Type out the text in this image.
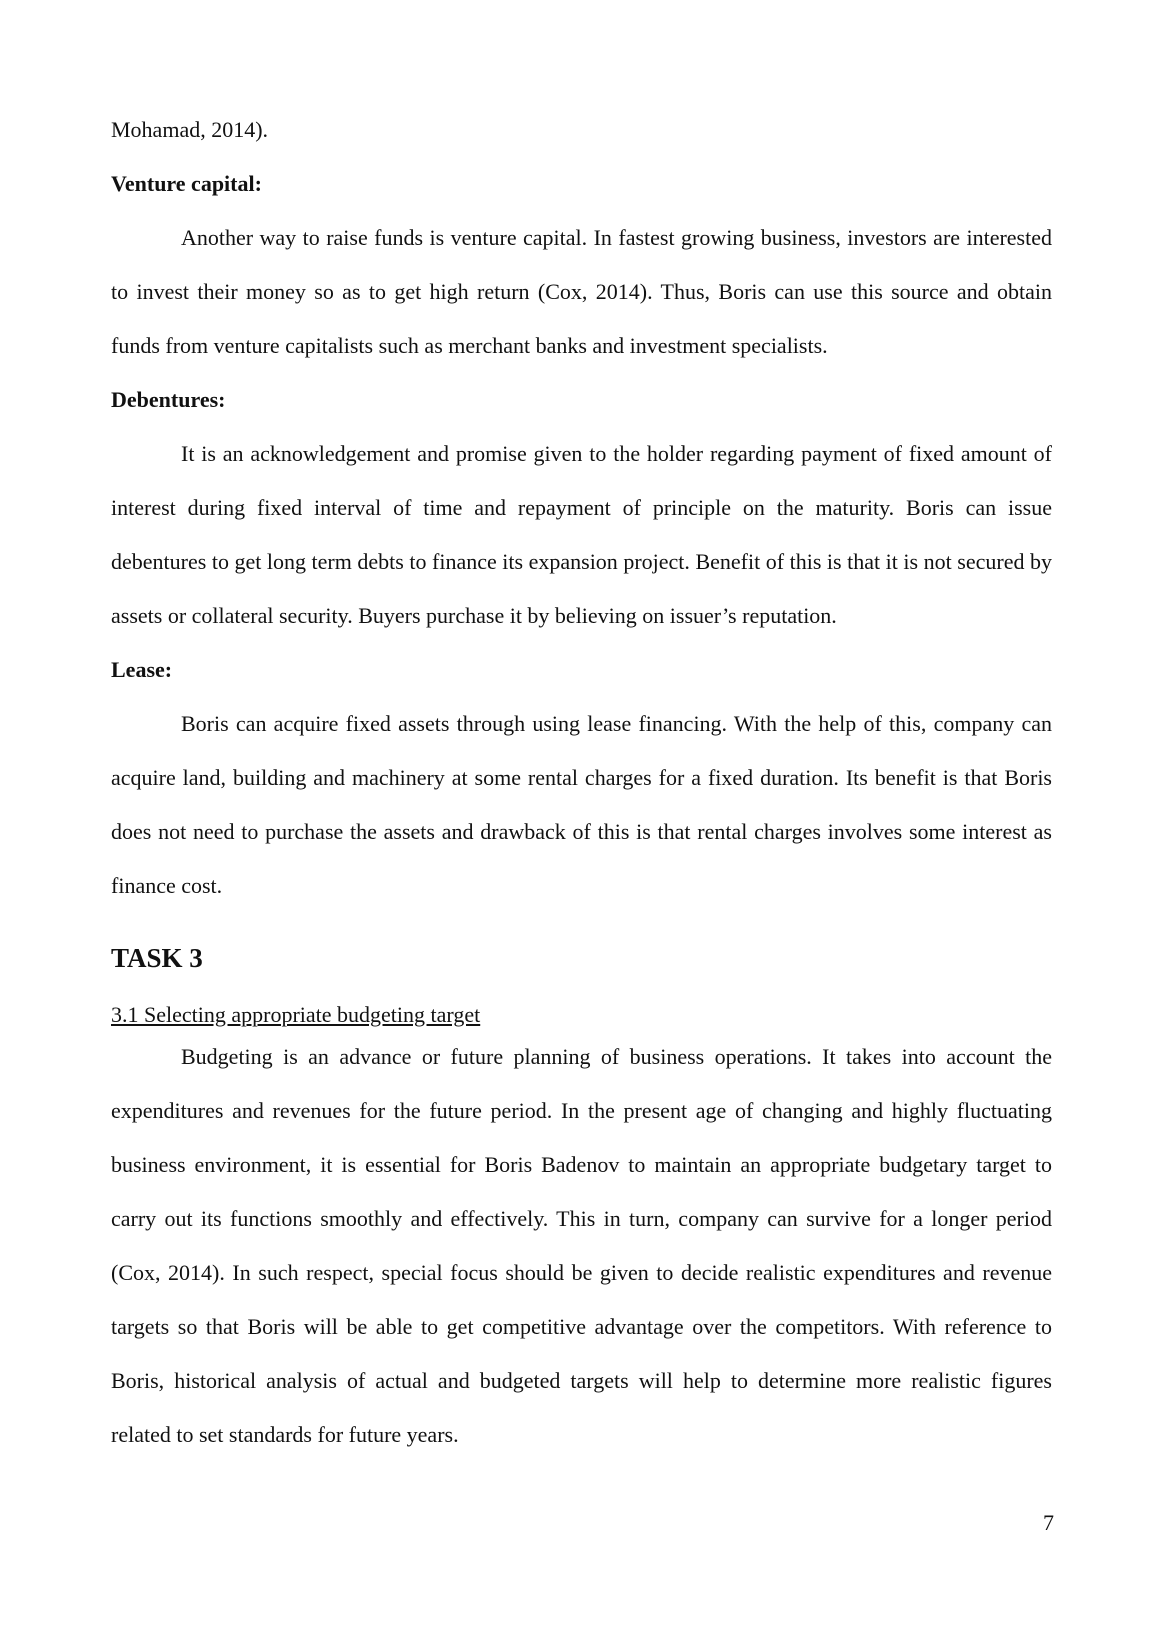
Mohamad, 2014).

Venture capital:

Another way to raise funds is venture capital. In fastest growing business, investors are interested to invest their money so as to get high return (Cox, 2014). Thus, Boris can use this source and obtain funds from venture capitalists such as merchant banks and investment specialists.

Debentures:

It is an acknowledgement and promise given to the holder regarding payment of fixed amount of interest during fixed interval of time and repayment of principle on the maturity. Boris can issue debentures to get long term debts to finance its expansion project. Benefit of this is that it is not secured by assets or collateral security. Buyers purchase it by believing on issuer’s reputation.

Lease:

Boris can acquire fixed assets through using lease financing. With the help of this, company can acquire land, building and machinery at some rental charges for a fixed duration. Its benefit is that Boris does not need to purchase the assets and drawback of this is that rental charges involves some interest as finance cost.

TASK 3

3.1 Selecting appropriate budgeting target

Budgeting is an advance or future planning of business operations. It takes into account the expenditures and revenues for the future period. In the present age of changing and highly fluctuating business environment, it is essential for Boris Badenov to maintain an appropriate budgetary target to carry out its functions smoothly and effectively. This in turn, company can survive for a longer period (Cox, 2014). In such respect, special focus should be given to decide realistic expenditures and revenue targets so that Boris will be able to get competitive advantage over the competitors. With reference to Boris, historical analysis of actual and budgeted targets will help to determine more realistic figures related to set standards for future years.

7
